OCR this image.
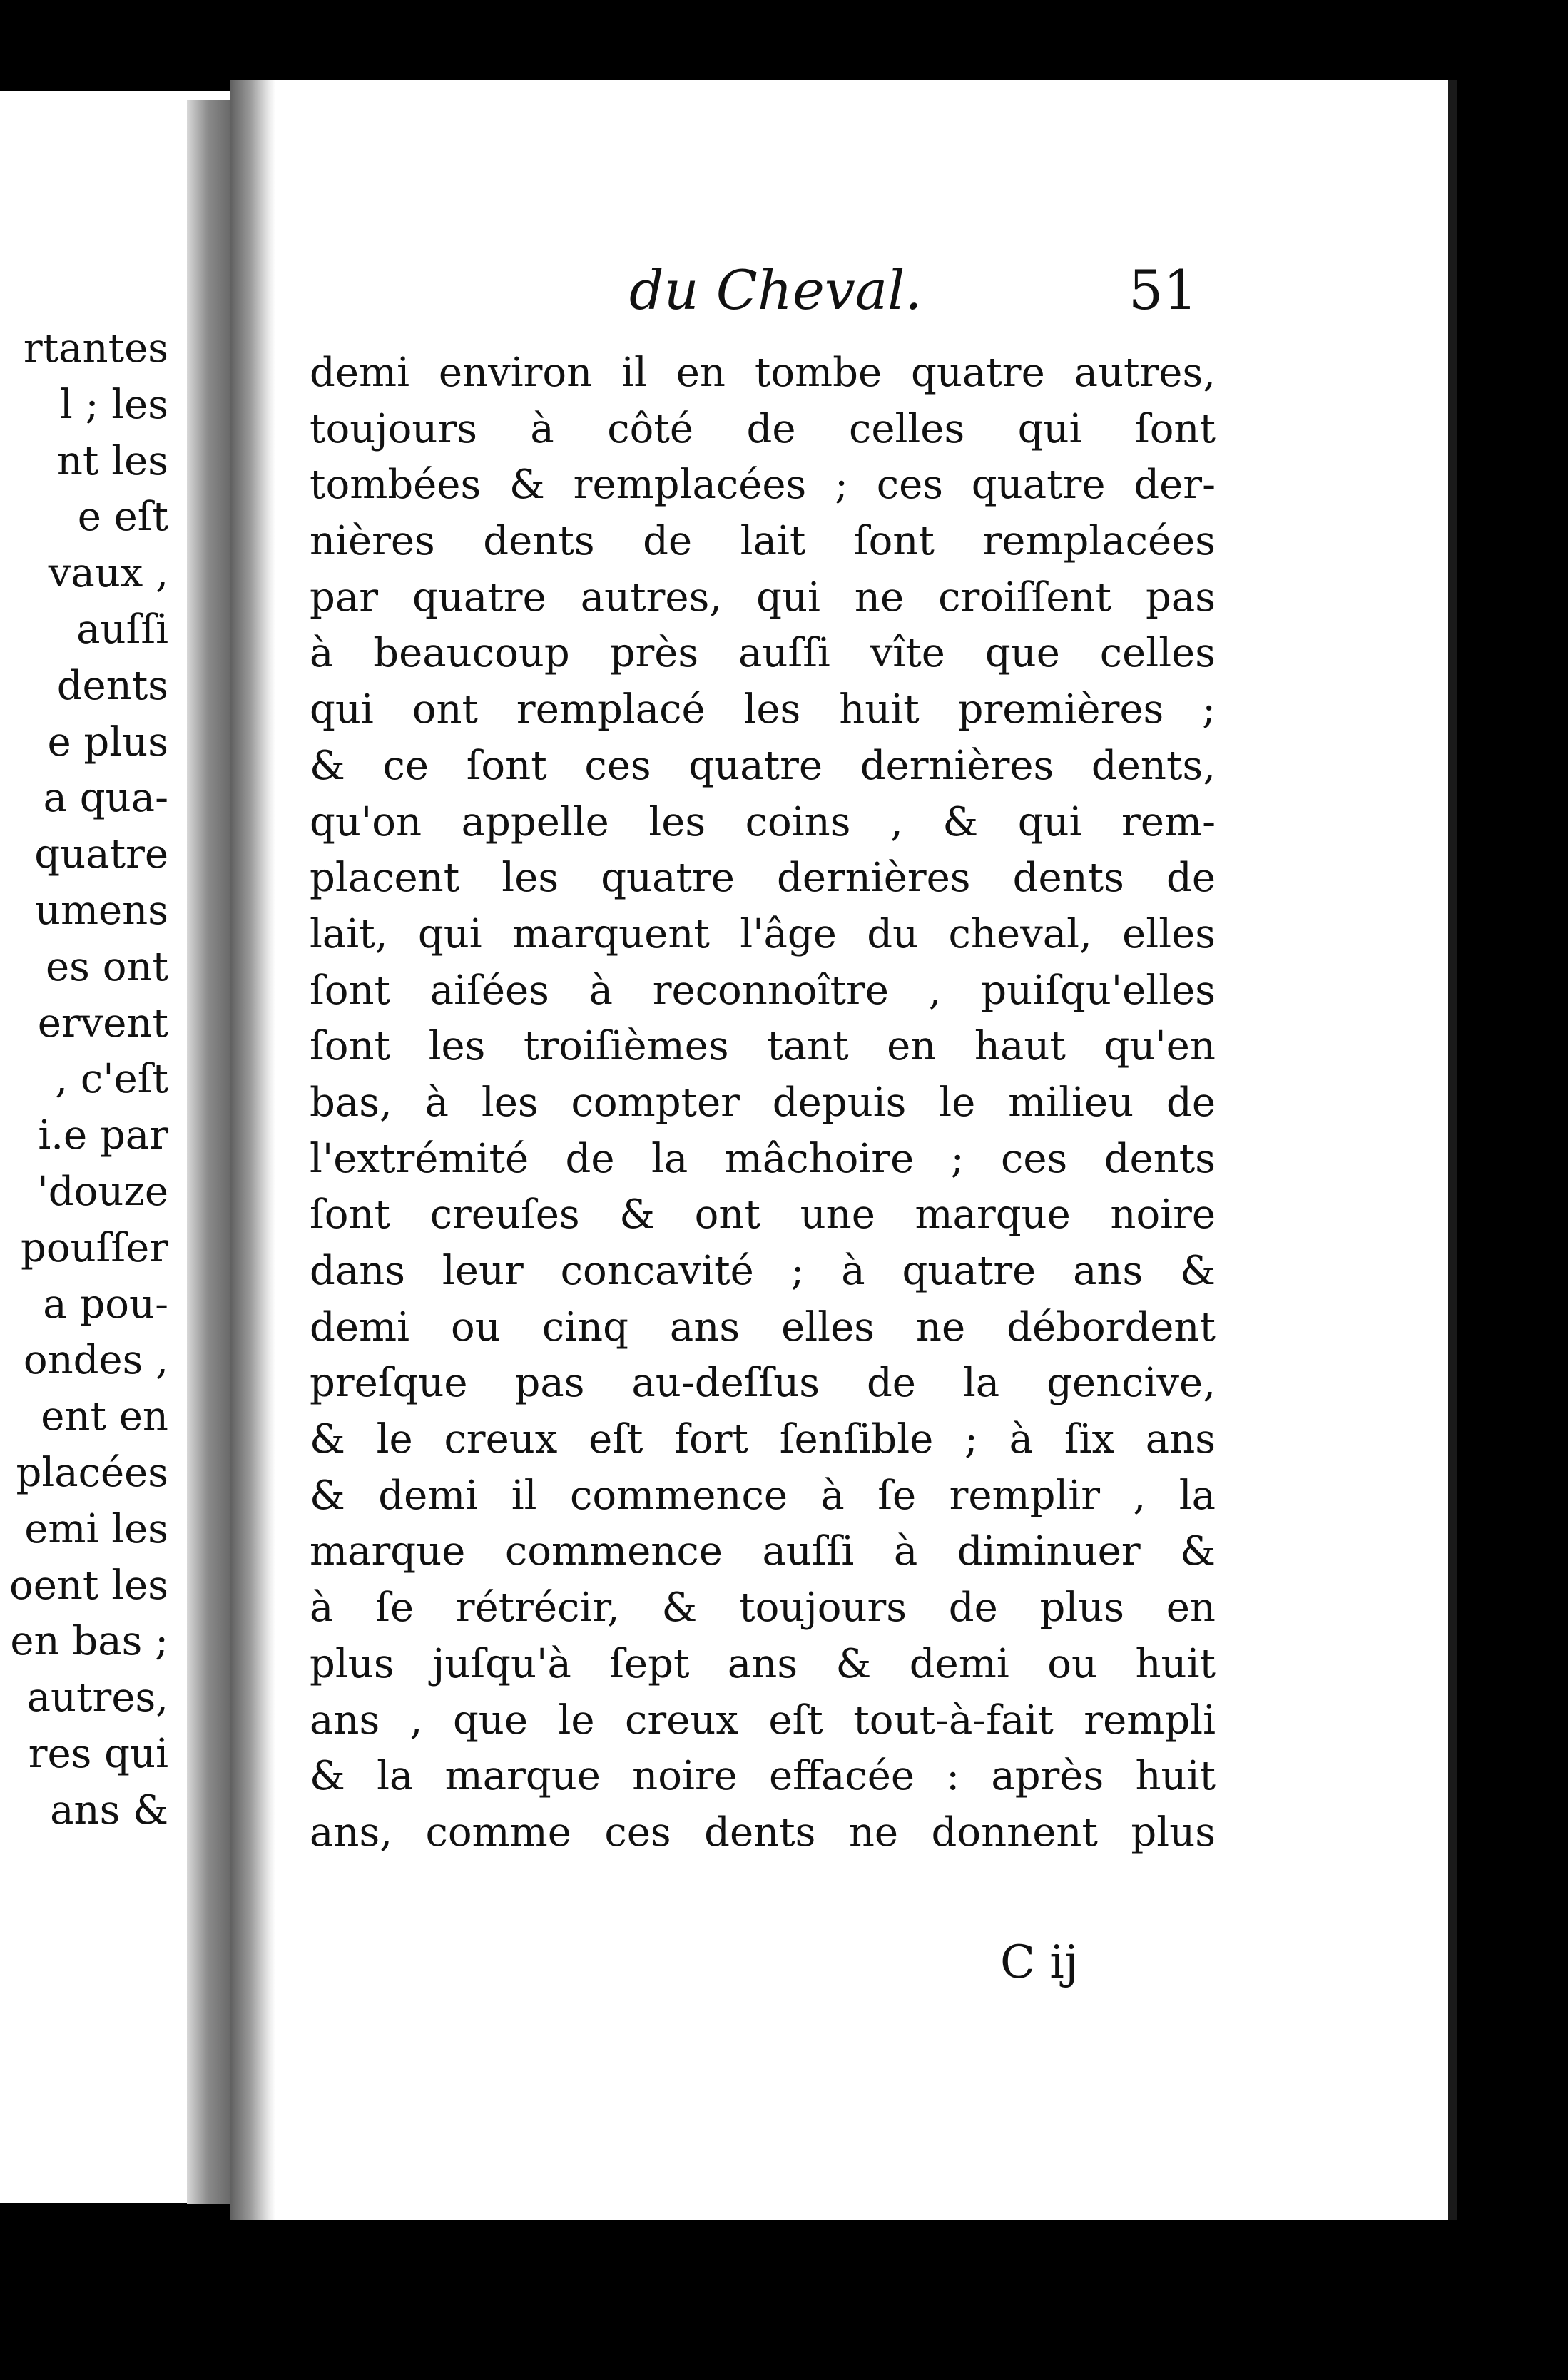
rtantes
l ; les
nt les
e eſt
vaux ,
auſſi
dents
e plus
a qua-
quatre
umens
es ont
ervent
, c'eſt
i.e par
'douze
pouſſer
a pou-
ondes ,
ent en
placées
emi les
oent les
en bas ;
autres,
res qui
ans &
du Cheval.	51
demi environ il en tombe quatre autres,
toujours à côté de celles qui ſont
tombées & remplacées ; ces quatre der-
nières dents de lait ſont remplacées
par quatre autres, qui ne croiſſent pas
à beaucoup près auſſi vîte que celles
qui ont remplacé les huit premières ;
& ce ſont ces quatre dernières dents,
qu'on appelle les coins , & qui rem-
placent les quatre dernières dents de
lait, qui marquent l'âge du cheval, elles
ſont aiſées à reconnoître , puiſqu'elles
ſont les troiſièmes tant en haut qu'en
bas, à les compter depuis le milieu de
l'extrémité de la mâchoire ; ces dents
ſont creuſes & ont une marque noire
dans leur concavité ; à quatre ans &
demi ou cinq ans elles ne débordent
preſque pas au-deſſus de la gencive,
& le creux eſt fort ſenſible ; à ſix ans
& demi il commence à ſe remplir , la
marque commence auſſi à diminuer &
à ſe rétrécir, & toujours de plus en
plus juſqu'à ſept ans & demi ou huit
ans , que le creux eſt tout-à-fait rempli
& la marque noire effacée : après huit
ans, comme ces dents ne donnent plus
C ij
